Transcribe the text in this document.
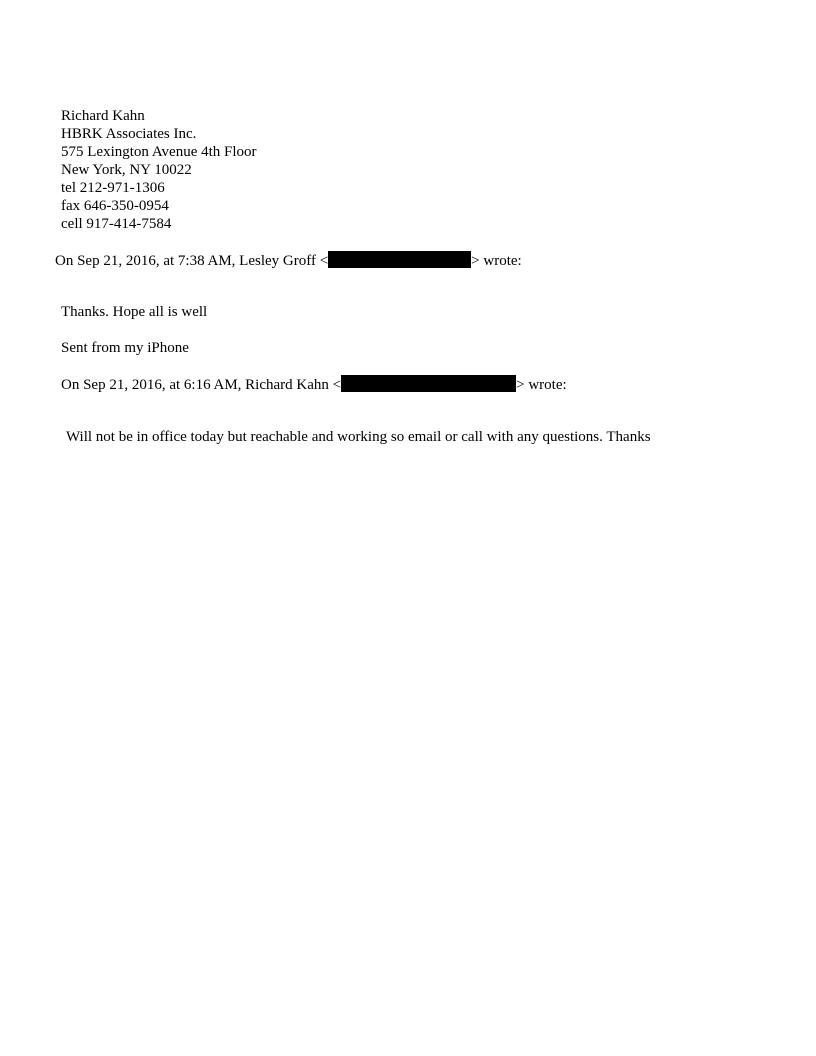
Richard Kahn
HBRK Associates Inc.
575 Lexington Avenue 4th Floor
New York, NY 10022
tel 212-971-1306
fax 646-350-0954
cell 917-414-7584
On Sep 21, 2016, at 7:38 AM, Lesley Groff <	> wrote:
Thanks. Hope all is well
Sent from my iPhone
On Sep 21, 2016, at 6:16 AM, Richard Kahn <	> wrote:
Will not be in office today but reachable and working so email or call with any questions. Thanks
